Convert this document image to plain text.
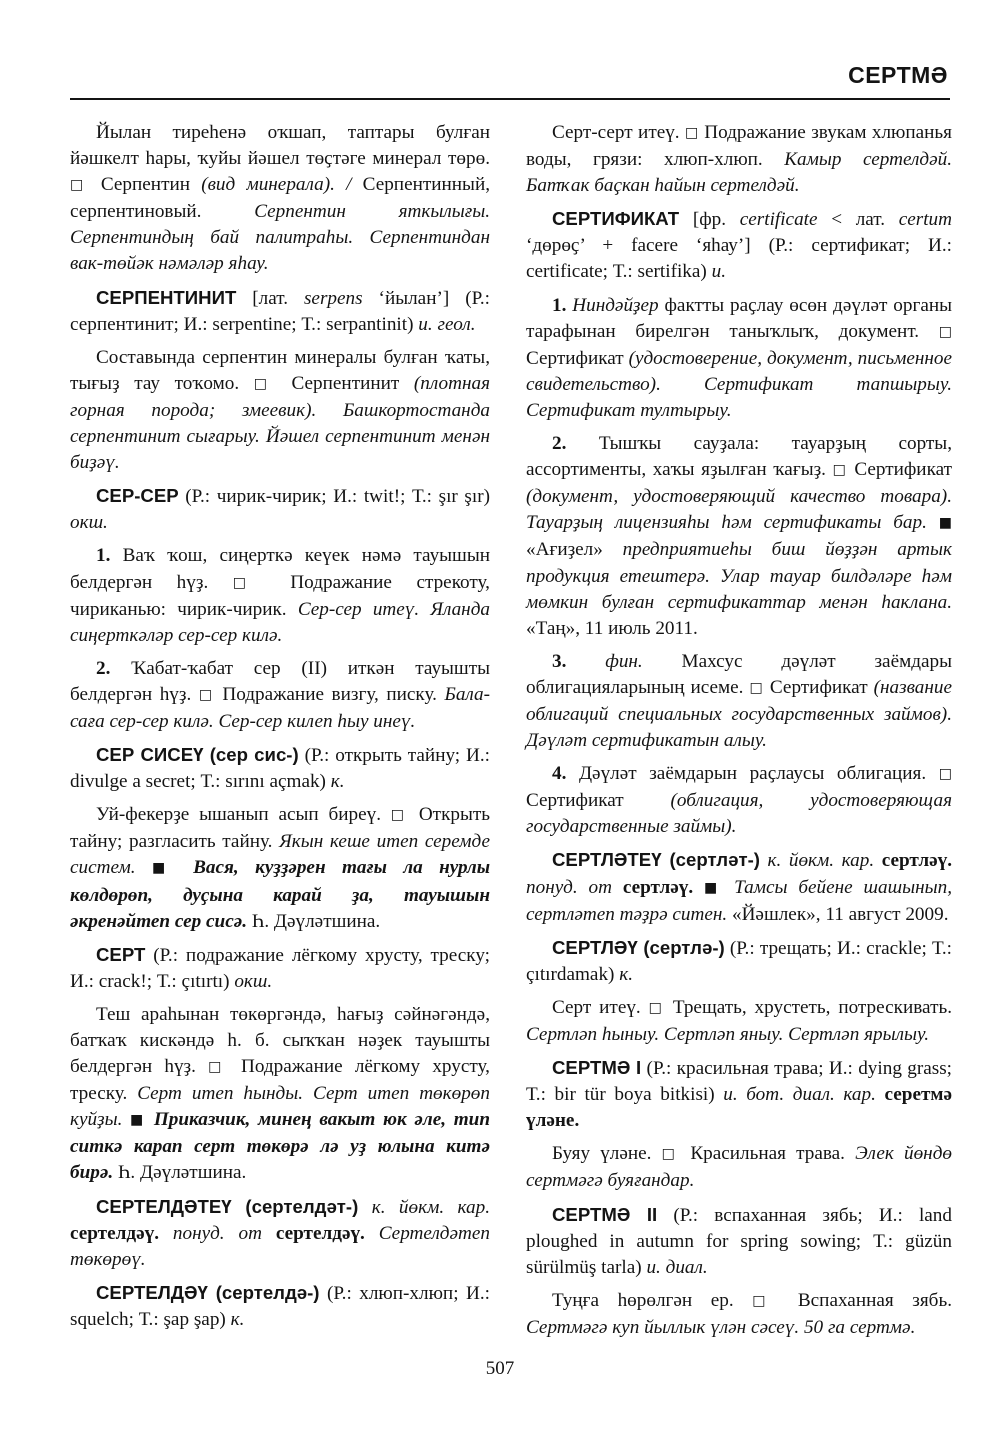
СЕРТМӘ

Йылан тиреһенә оҡшап, таптары булған йәшкелт һары, ҡуйы йәшел төҫтәге минерал төрө. □ Серпентин (вид минерала). / Серпентинный, серпентиновый. Серпентин яткылығы. Серпентиндың бай палитраһы. Серпентиндан вак-төйәк нәмәләр яһау.

СЕРПЕНТИНИТ [лат. serpens ‘йылан’] (Р.: серпентинит; И.: serpentine; Т.: serpantinit) и. геол.

Составында серпентин минералы булған ҡаты, тығыҙ тау тоҡомо. □ Серпентинит (плотная горная порода; змеевик). Башкортостанда серпентинит сығарыу. Йәшел серпентинит менән биҙәү.

СЕР-СЕР (Р.: чирик-чирик; И.: twit!; Т.: şır şır) окш.

1. Ваҡ ҡош, сиңерткә кеүек нәмә тауышын белдергән һүҙ. □ Подражание стрекоту, чириканью: чирик-чирик. Сер-сер итеү. Яланда сиңерткәләр сер-сер килә.

2. Ҡабат-ҡабат сер (II) иткән тауышты белдергән һүҙ. □ Подражание визгу, писку. Бала-саға сер-сер килә. Сер-сер килеп һыу инеү.

СЕР СИСЕҮ (сер сис-) (Р.: открыть тайну; И.: divulge a secret; Т.: sırını açmak) к.

Уй-фекерҙе ышанып асып биреү. □ Открыть тайну; разгласить тайну. Якын кеше итеп серемде систем. ■ Вася, куҙҙәрен тағы ла нурлы көлдөрөп, дуҫына карай ҙа, тауышын әкренәйтеп сер сисә. Һ. Дәүләтшина.

СЕРТ (Р.: подражание лёгкому хрусту, треску; И.: crack!; Т.: çıtırtı) окш.

Теш араһынан төкөргәндә, һағыҙ сәйнәгәндә, батҡаҡ кискәндә һ. б. сыҡҡан нәҙек тауышты белдергән һүҙ. □ Подражание лёгкому хрусту, треску. Серт итеп һынды. Серт итеп төкөрөп куйҙы. ■ Приказчик, минең вакыт юк әле, тип ситкә карап серт төкөрә лә уҙ юлына китә бирә. Һ. Дәүләтшина.

СЕРТЕЛДӘТЕҮ (сертелдәт-) к. йөкм. кар. сертелдәү. понуд. от сертелдәү. Сертелдәтеп төкөрөү.

СЕРТЕЛДӘҮ (сертелдә-) (Р.: хлюп-хлюп; И.: squelch; Т.: şap şap) к.

Серт-серт итеү. □ Подражание звукам хлюпанья воды, грязи: хлюп-хлюп. Камыр сертелдәй. Батҡак баҫкан һайын сертелдәй.

СЕРТИФИКАТ [фр. certificate < лат. certum ‘дөрөҫ’ + facere ‘яһау’] (Р.: сертификат; И.: certificate; Т.: sertifika) и.

1. Ниндәйҙер фактты раҫлау өсөн дәүләт органы тарафынан бирелгән таныҡлыҡ, документ. □ Сертификат (удостоверение, документ, письменное свидетельство). Сертификат тапшырыу. Сертификат тултырыу.

2. Тышҡы сауҙала: тауарҙың сорты, ассортименты, хаҡы яҙылған ҡағыҙ. □ Сертификат (документ, удостоверяющий качество товара). Тауарҙың лицензияһы һәм сертификаты бар. ■ «Ағиҙел» предприятиеһы биш йөҙҙән артык продукция етештерә. Улар тауар билдәләре һәм мөмкин булған сертификаттар менән һаклана. «Таң», 11 июль 2011.

3. фин. Махсус дәүләт заёмдары облигацияларының исеме. □ Сертификат (название облигаций специальных государственных займов). Дәүләт сертификатын алыу.

4. Дәүләт заёмдарын раҫлаусы облигация. □ Сертификат (облигация, удостоверяющая государственные займы).

СЕРТЛӘТЕҮ (сертләт-) к. йөкм. кар. сертләү. понуд. от сертләү. ■ Тамсы бейене шашынып, сертләтеп тәҙрә ситен. «Йәшлек», 11 август 2009.

СЕРТЛӘҮ (сертлә-) (Р.: трещать; И.: crackle; Т.: çıtırdamak) к.

Серт итеү. □ Трещать, хрустеть, потрескивать. Сертләп һыныу. Сертләп яныу. Сертләп ярылыу.

СЕРТМӘ I (Р.: красильная трава; И.: dying grass; Т.: bir tür boya bitkisi) и. бот. диал. кар. серетмә үләне.

Буяу үләне. □ Красильная трава. Элек йөндө сертмәгә буяғандар.

СЕРТМӘ II (Р.: вспаханная зябь; И.: land ploughed in autumn for spring sowing; Т.: güzün sürülmüş tarla) и. диал.

Туңға һөрөлгән ер. □ Вспаханная зябь. Сертмәгә куп йыллык үлән сәсеү. 50 га сертмә.

507
